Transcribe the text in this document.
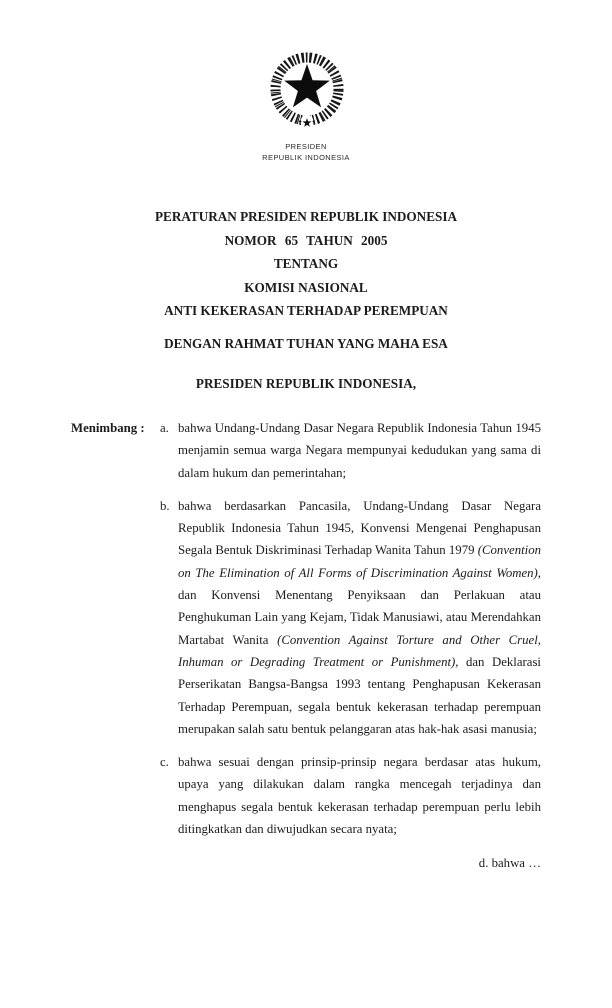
PRESIDEN
REPUBLIK INDONESIA
PERATURAN PRESIDEN REPUBLIK INDONESIA
NOMOR 65 TAHUN 2005
TENTANG
KOMISI NASIONAL
ANTI KEKERASAN TERHADAP PEREMPUAN
DENGAN RAHMAT TUHAN YANG MAHA ESA
PRESIDEN REPUBLIK INDONESIA,
Menimbang :	a. bahwa Undang-Undang Dasar Negara Republik Indonesia Tahun 1945 menjamin semua warga Negara mempunyai kedudukan yang sama di dalam hukum dan pemerintahan;

b. bahwa berdasarkan Pancasila, Undang-Undang Dasar Negara Republik Indonesia Tahun 1945, Konvensi Mengenai Penghapusan Segala Bentuk Diskriminasi Terhadap Wanita Tahun 1979 (Convention on The Elimination of All Forms of Discrimination Against Women), dan Konvensi Menentang Penyiksaan dan Perlakuan atau Penghukuman Lain yang Kejam, Tidak Manusiawi, atau Merendahkan Martabat Wanita (Convention Against Torture and Other Cruel, Inhuman or Degrading Treatment or Punishment), dan Deklarasi Perserikatan Bangsa-Bangsa 1993 tentang Penghapusan Kekerasan Terhadap Perempuan, segala bentuk kekerasan terhadap perempuan merupakan salah satu bentuk pelanggaran atas hak-hak asasi manusia;

c. bahwa sesuai dengan prinsip-prinsip negara berdasar atas hukum, upaya yang dilakukan dalam rangka mencegah terjadinya dan menghapus segala bentuk kekerasan terhadap perempuan perlu lebih ditingkatkan dan diwujudkan secara nyata;

d. bahwa …
